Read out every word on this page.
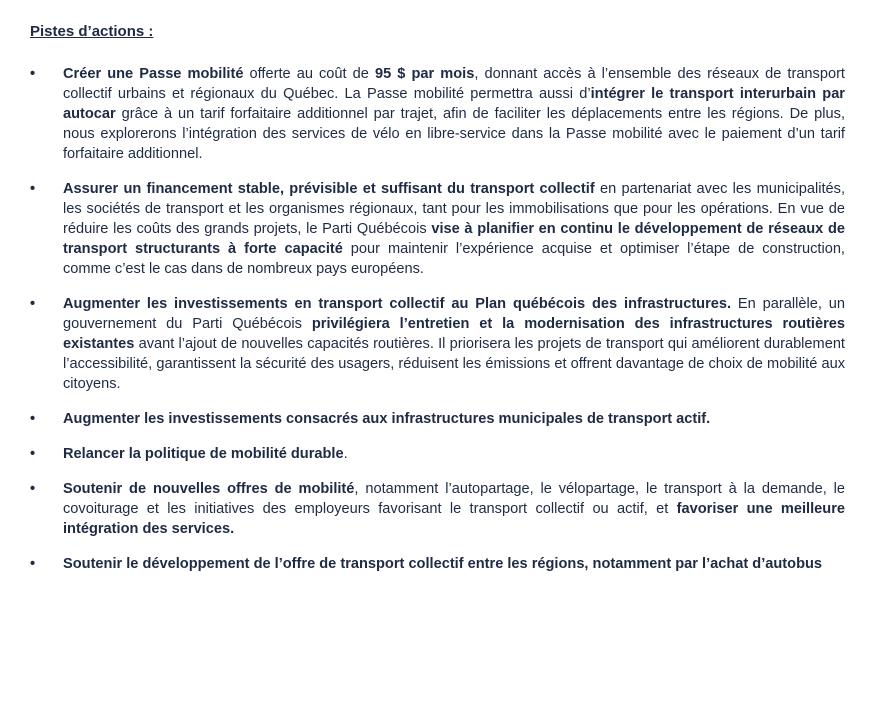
Pistes d’actions :
•	Créer une Passe mobilité offerte au coût de 95 $ par mois, donnant accès à l’ensemble des réseaux de transport collectif urbains et régionaux du Québec. La Passe mobilité permettra aussi d’intégrer le transport interurbain par autocar grâce à un tarif forfaitaire additionnel par trajet, afin de faciliter les déplacements entre les régions. De plus, nous explorerons l’intégration des services de vélo en libre-service dans la Passe mobilité avec le paiement d’un tarif forfaitaire additionnel.
•	Assurer un financement stable, prévisible et suffisant du transport collectif en partenariat avec les municipalités, les sociétés de transport et les organismes régionaux, tant pour les immobilisations que pour les opérations. En vue de réduire les coûts des grands projets, le Parti Québécois vise à planifier en continu le développement de réseaux de transport structurants à forte capacité pour maintenir l’expérience acquise et optimiser l’étape de construction, comme c’est le cas dans de nombreux pays européens.
•	Augmenter les investissements en transport collectif au Plan québécois des infrastructures. En parallèle, un gouvernement du Parti Québécois privilégiera l’entretien et la modernisation des infrastructures routières existantes avant l’ajout de nouvelles capacités routières. Il priorisera les projets de transport qui améliorent durablement l’accessibilité, garantissent la sécurité des usagers, réduisent les émissions et offrent davantage de choix de mobilité aux citoyens.
•	Augmenter les investissements consacrés aux infrastructures municipales de transport actif.
•	Relancer la politique de mobilité durable.
•	Soutenir de nouvelles offres de mobilité, notamment l’autopartage, le vélopartage, le transport à la demande, le covoiturage et les initiatives des employeurs favorisant le transport collectif ou actif, et favoriser une meilleure intégration des services.
•	Soutenir le développement de l’offre de transport collectif entre les régions, notamment par l’achat d’autobus
